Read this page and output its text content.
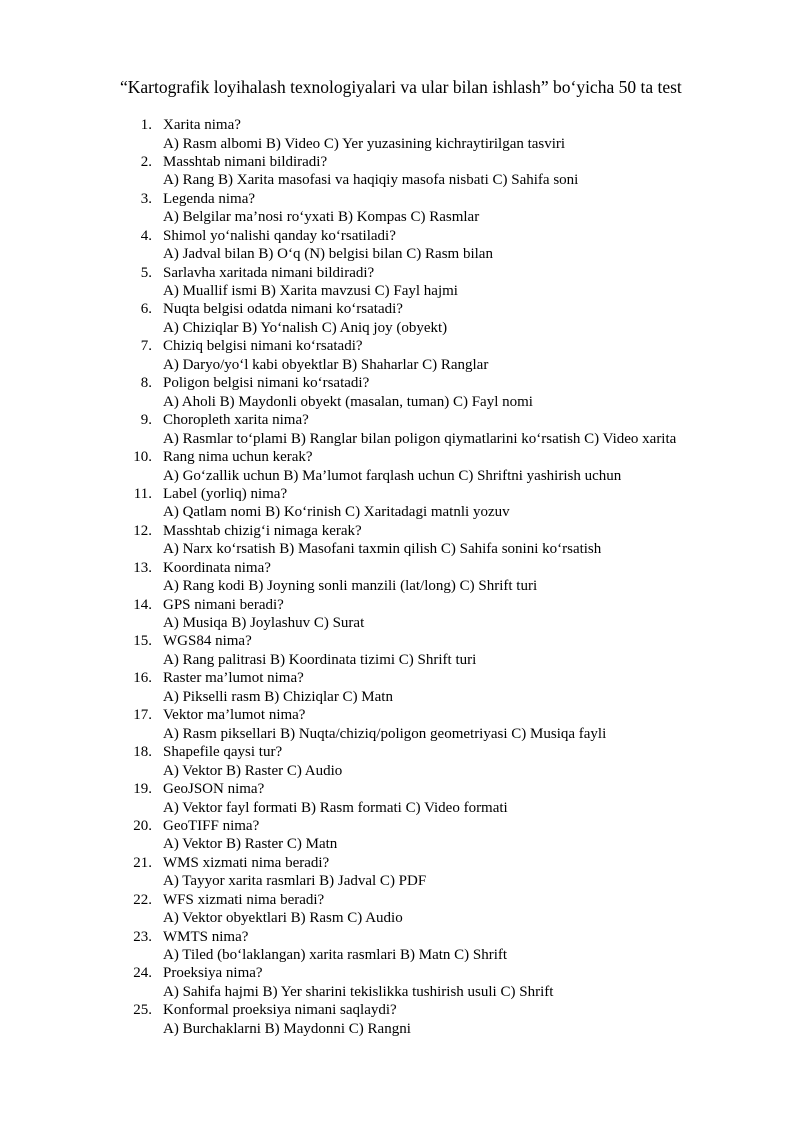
“Kartografik loyihalash texnologiyalari va ular bilan ishlash” bo‘yicha 50 ta test
1. Xarita nima?
A) Rasm albomi B) Video C) Yer yuzasining kichraytirilgan tasviri
2. Masshtab nimani bildiradi?
A) Rang B) Xarita masofasi va haqiqiy masofa nisbati C) Sahifa soni
3. Legenda nima?
A) Belgilar ma’nosi ro‘yxati B) Kompas C) Rasmlar
4. Shimol yo‘nalishi qanday ko‘rsatiladi?
A) Jadval bilan B) O‘q (N) belgisi bilan C) Rasm bilan
5. Sarlavha xaritada nimani bildiradi?
A) Muallif ismi B) Xarita mavzusi C) Fayl hajmi
6. Nuqta belgisi odatda nimani ko‘rsatadi?
A) Chiziqlar B) Yo‘nalish C) Aniq joy (obyekt)
7. Chiziq belgisi nimani ko‘rsatadi?
A) Daryo/yo‘l kabi obyektlar B) Shaharlar C) Ranglar
8. Poligon belgisi nimani ko‘rsatadi?
A) Aholi B) Maydonli obyekt (masalan, tuman) C) Fayl nomi
9. Choropleth xarita nima?
A) Rasmlar to‘plami B) Ranglar bilan poligon qiymatlarini ko‘rsatish C) Video xarita
10. Rang nima uchun kerak?
A) Go‘zallik uchun B) Ma’lumot farqlash uchun C) Shriftni yashirish uchun
11. Label (yorliq) nima?
A) Qatlam nomi B) Ko‘rinish C) Xaritadagi matnli yozuv
12. Masshtab chizig‘i nimaga kerak?
A) Narx ko‘rsatish B) Masofani taxmin qilish C) Sahifa sonini ko‘rsatish
13. Koordinata nima?
A) Rang kodi B) Joyning sonli manzili (lat/long) C) Shrift turi
14. GPS nimani beradi?
A) Musiqa B) Joylashuv C) Surat
15. WGS84 nima?
A) Rang palitrasi B) Koordinata tizimi C) Shrift turi
16. Raster ma’lumot nima?
A) Pikselli rasm B) Chiziqlar C) Matn
17. Vektor ma’lumot nima?
A) Rasm piksellari B) Nuqta/chiziq/poligon geometriyasi C) Musiqa fayli
18. Shapefile qaysi tur?
A) Vektor B) Raster C) Audio
19. GeoJSON nima?
A) Vektor fayl formati B) Rasm formati C) Video formati
20. GeoTIFF nima?
A) Vektor B) Raster C) Matn
21. WMS xizmati nima beradi?
A) Tayyor xarita rasmlari B) Jadval C) PDF
22. WFS xizmati nima beradi?
A) Vektor obyektlari B) Rasm C) Audio
23. WMTS nima?
A) Tiled (bo‘laklangan) xarita rasmlari B) Matn C) Shrift
24. Proeksiya nima?
A) Sahifa hajmi B) Yer sharini tekislikka tushirish usuli C) Shrift
25. Konformal proeksiya nimani saqlaydi?
A) Burchaklarni B) Maydonni C) Rangni
